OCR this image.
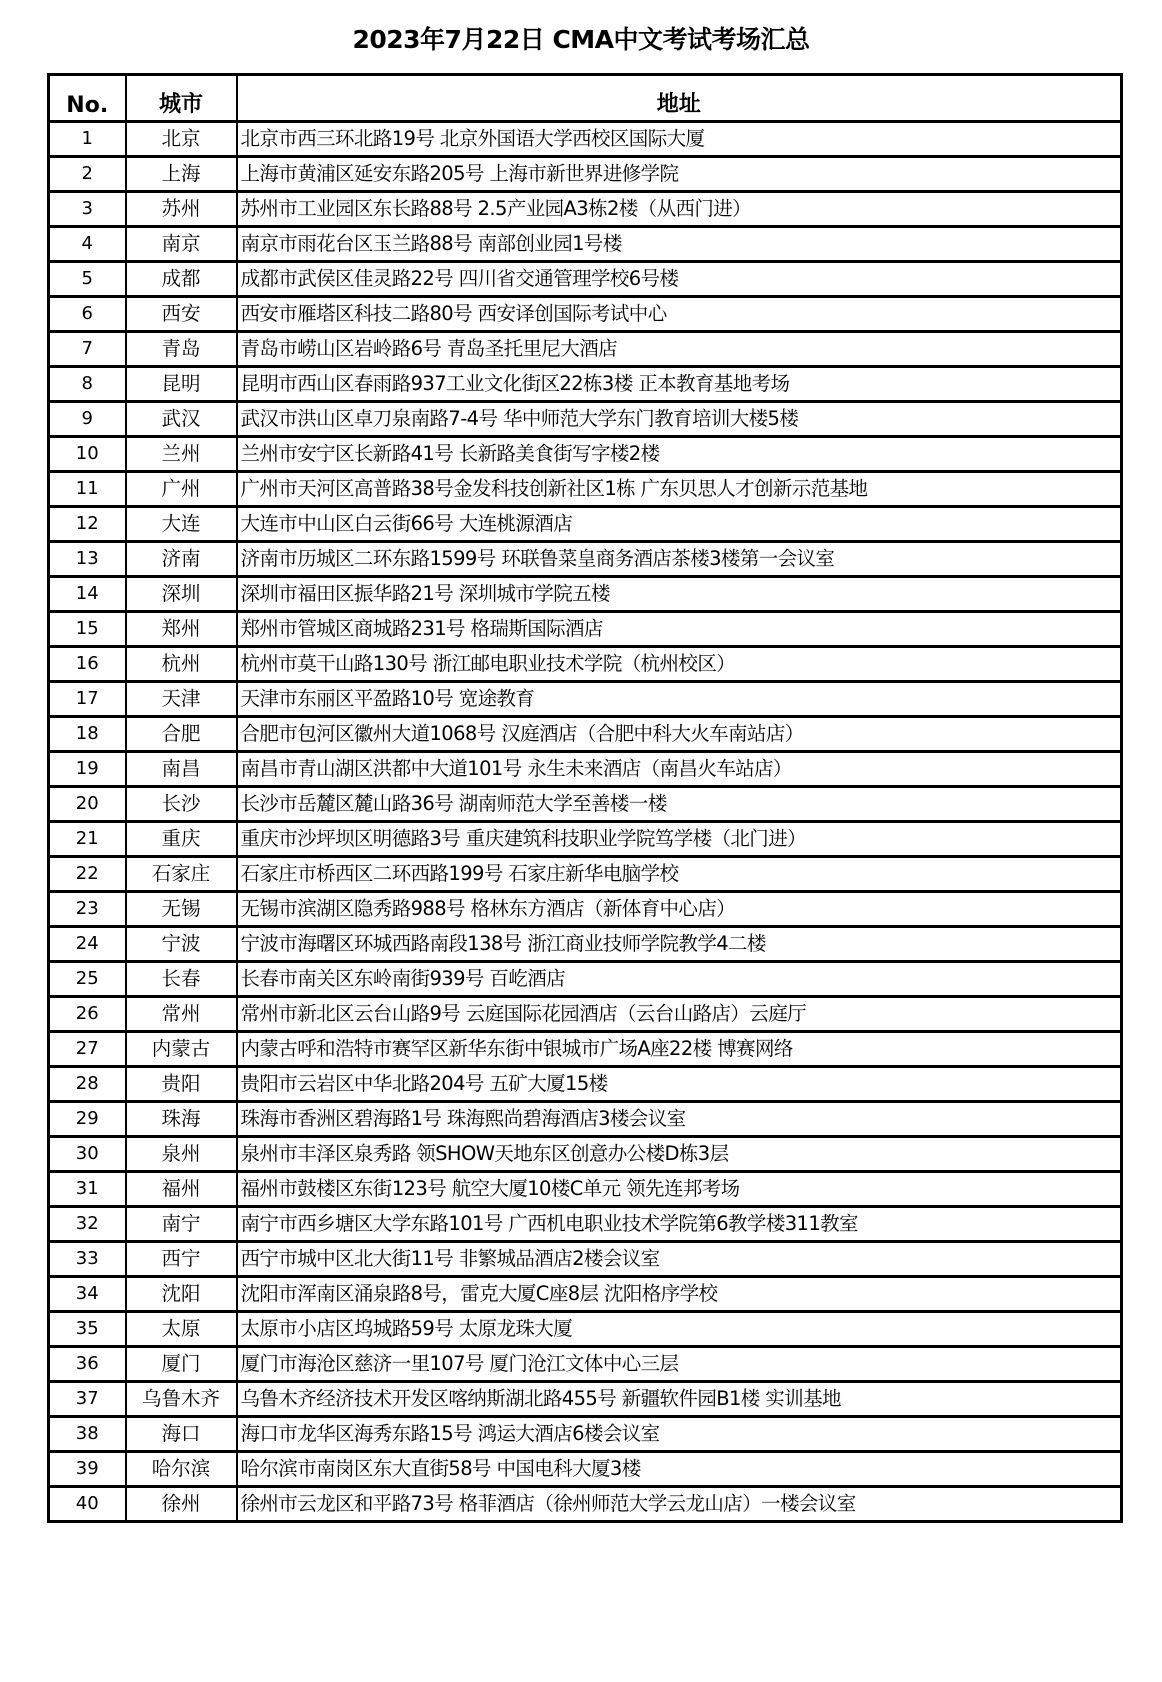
2023年7月22日 CMA中文考试考场汇总
No.	城市	地址
1	北京	北京市西三环北路19号 北京外国语大学西校区国际大厦
2	上海	上海市黄浦区延安东路205号 上海市新世界进修学院
3	苏州	苏州市工业园区东长路88号 2.5产业园A3栋2楼（从西门进）
4	南京	南京市雨花台区玉兰路88号 南部创业园1号楼
5	成都	成都市武侯区佳灵路22号 四川省交通管理学校6号楼
6	西安	西安市雁塔区科技二路80号 西安译创国际考试中心
7	青岛	青岛市崂山区岩岭路6号 青岛圣托里尼大酒店
8	昆明	昆明市西山区春雨路937工业文化街区22栋3楼 正本教育基地考场
9	武汉	武汉市洪山区卓刀泉南路7-4号 华中师范大学东门教育培训大楼5楼
10	兰州	兰州市安宁区长新路41号 长新路美食街写字楼2楼
11	广州	广州市天河区高普路38号金发科技创新社区1栋 广东贝思人才创新示范基地
12	大连	大连市中山区白云街66号 大连桃源酒店
13	济南	济南市历城区二环东路1599号 环联鲁菜皇商务酒店茶楼3楼第一会议室
14	深圳	深圳市福田区振华路21号 深圳城市学院五楼
15	郑州	郑州市管城区商城路231号 格瑞斯国际酒店
16	杭州	杭州市莫干山路130号 浙江邮电职业技术学院（杭州校区）
17	天津	天津市东丽区平盈路10号 宽途教育
18	合肥	合肥市包河区徽州大道1068号 汉庭酒店（合肥中科大火车南站店）
19	南昌	南昌市青山湖区洪都中大道101号 永生未来酒店（南昌火车站店）
20	长沙	长沙市岳麓区麓山路36号 湖南师范大学至善楼一楼
21	重庆	重庆市沙坪坝区明德路3号 重庆建筑科技职业学院笃学楼（北门进）
22	石家庄	石家庄市桥西区二环西路199号 石家庄新华电脑学校
23	无锡	无锡市滨湖区隐秀路988号 格林东方酒店（新体育中心店）
24	宁波	宁波市海曙区环城西路南段138号 浙江商业技师学院教学4二楼
25	长春	长春市南关区东岭南街939号 百屹酒店
26	常州	常州市新北区云台山路9号 云庭国际花园酒店（云台山路店）云庭厅
27	内蒙古	内蒙古呼和浩特市赛罕区新华东街中银城市广场A座22楼 博赛网络
28	贵阳	贵阳市云岩区中华北路204号 五矿大厦15楼
29	珠海	珠海市香洲区碧海路1号 珠海熙尚碧海酒店3楼会议室
30	泉州	泉州市丰泽区泉秀路 领SHOW天地东区创意办公楼D栋3层
31	福州	福州市鼓楼区东街123号 航空大厦10楼C单元 领先连邦考场
32	南宁	南宁市西乡塘区大学东路101号 广西机电职业技术学院第6教学楼311教室
33	西宁	西宁市城中区北大街11号 非繁城品酒店2楼会议室
34	沈阳	沈阳市浑南区涌泉路8号，雷克大厦C座8层 沈阳格序学校
35	太原	太原市小店区坞城路59号 太原龙珠大厦
36	厦门	厦门市海沧区慈济一里107号 厦门沧江文体中心三层
37	乌鲁木齐	乌鲁木齐经济技术开发区喀纳斯湖北路455号 新疆软件园B1楼 实训基地
38	海口	海口市龙华区海秀东路15号 鸿运大酒店6楼会议室
39	哈尔滨	哈尔滨市南岗区东大直街58号 中国电科大厦3楼
40	徐州	徐州市云龙区和平路73号 格菲酒店（徐州师范大学云龙山店）一楼会议室
